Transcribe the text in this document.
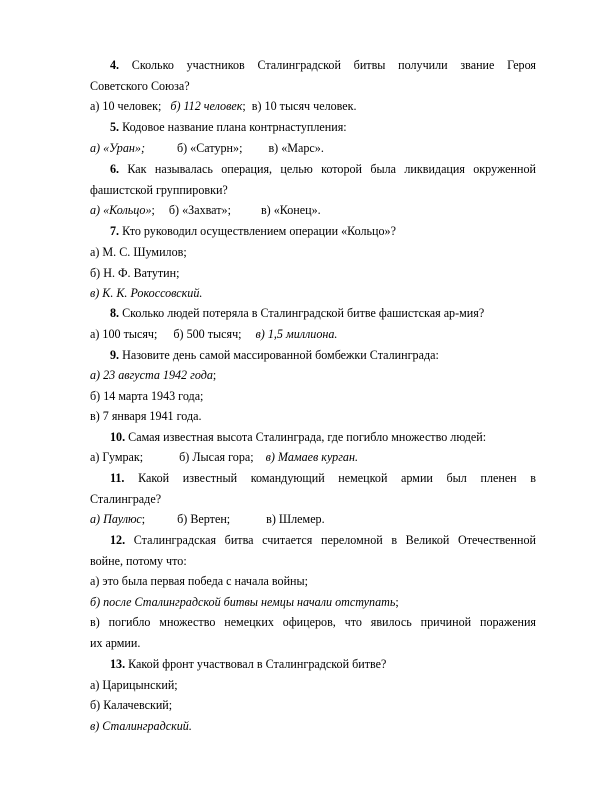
4. Сколько участников Сталинградской битвы получили звание Героя
Советского Союза?
а) 10 человек; б) 112 человек; в) 10 тысяч человек.
5. Кодовое название плана контрнаступления:
а) «Уран»;	б) «Сатурн»; в) «Марс».
6. Как называлась операция, целью которой была ликвидация окруженной
фашистской группировки?
а) «Кольцо»; б) «Захват»; в) «Конец».
7. Кто руководил осуществлением операции «Кольцо»?
а) М. С. Шумилов;
б) Н. Ф. Ватутин;
в) К. К. Рокоссовский.
8. Сколько людей потеряла в Сталинградской битве фашистская ар-мия?
а) 100 тысяч; б) 500 тысяч; в) 1,5 миллиона.
9. Назовите день самой массированной бомбежки Сталинграда:
а) 23 августа 1942 года;
б) 14 марта 1943 года;
в) 7 января 1941 года.
10. Самая известная высота Сталинграда, где погибло множество людей:
а) Гумрак;	б) Лысая гора; в) Мамаев курган.
11. Какой известный командующий немецкой армии был пленен в
Сталинграде?
а) Паулюс;	б) Вертен;	в) Шлемер.
12. Сталинградская битва считается переломной в Великой Отечественной
войне, потому что:
а) это была первая победа с начала войны;
б) после Сталинградской битвы немцы начали отступать;
в) погибло множество немецких офицеров, что явилось причиной поражения
их армии.
13. Какой фронт участвовал в Сталинградской битве?
а) Царицынский;
б) Калачевский;
в) Сталинградский.
